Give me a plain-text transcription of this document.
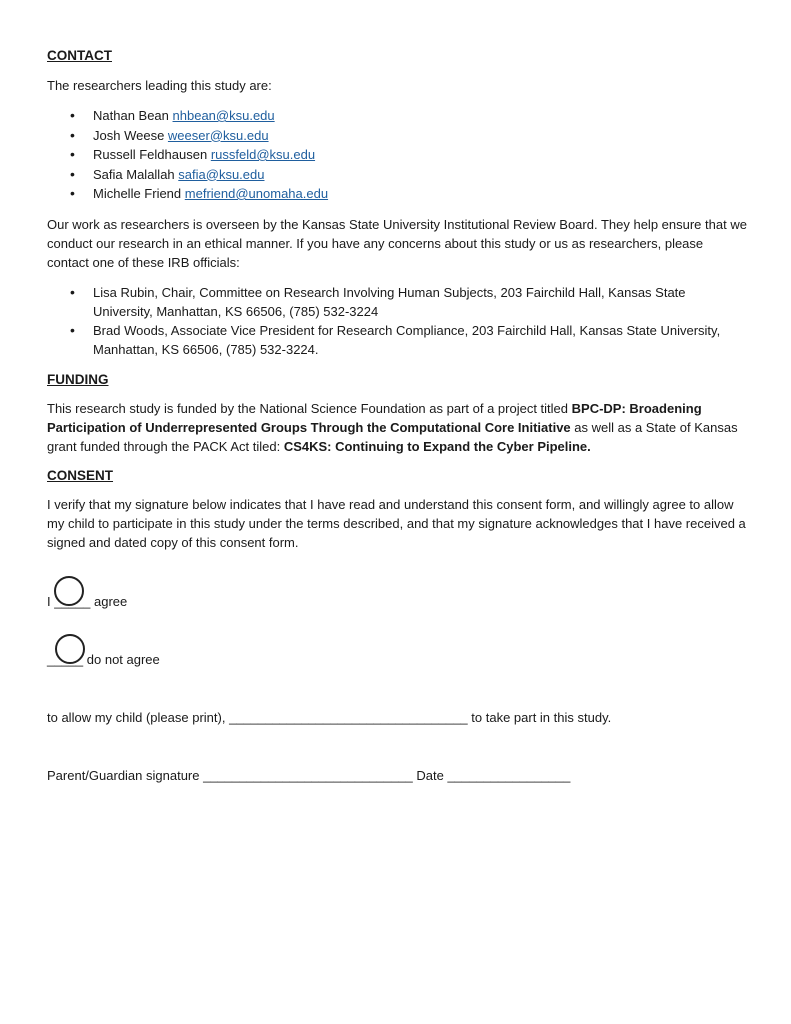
CONTACT

The researchers leading this study are:

• Nathan Bean nhbean@ksu.edu
• Josh Weese weeser@ksu.edu
• Russell Feldhausen russfeld@ksu.edu
• Safia Malallah safia@ksu.edu
• Michelle Friend mefriend@unomaha.edu

Our work as researchers is overseen by the Kansas State University Institutional Review Board. They help ensure that we conduct our research in an ethical manner. If you have any concerns about this study or us as researchers, please contact one of these IRB officials:

• Lisa Rubin, Chair, Committee on Research Involving Human Subjects, 203 Fairchild Hall, Kansas State University, Manhattan, KS 66506, (785) 532-3224
• Brad Woods, Associate Vice President for Research Compliance, 203 Fairchild Hall, Kansas State University, Manhattan, KS 66506, (785) 532-3224.
FUNDING

This research study is funded by the National Science Foundation as part of a project titled BPC-DP: Broadening Participation of Underrepresented Groups Through the Computational Core Initiative as well as a State of Kansas grant funded through the PACK Act tiled: CS4KS: Continuing to Expand the Cyber Pipeline.

CONSENT

I verify that my signature below indicates that I have read and understand this consent form, and willingly agree to allow my child to participate in this study under the terms described, and that my signature acknowledges that I have received a signed and dated copy of this consent form.

I _____ agree
_____ do not agree

to allow my child (please print), _________________________________ to take part in this study.

Parent/Guardian signature _____________________________ Date _________________
